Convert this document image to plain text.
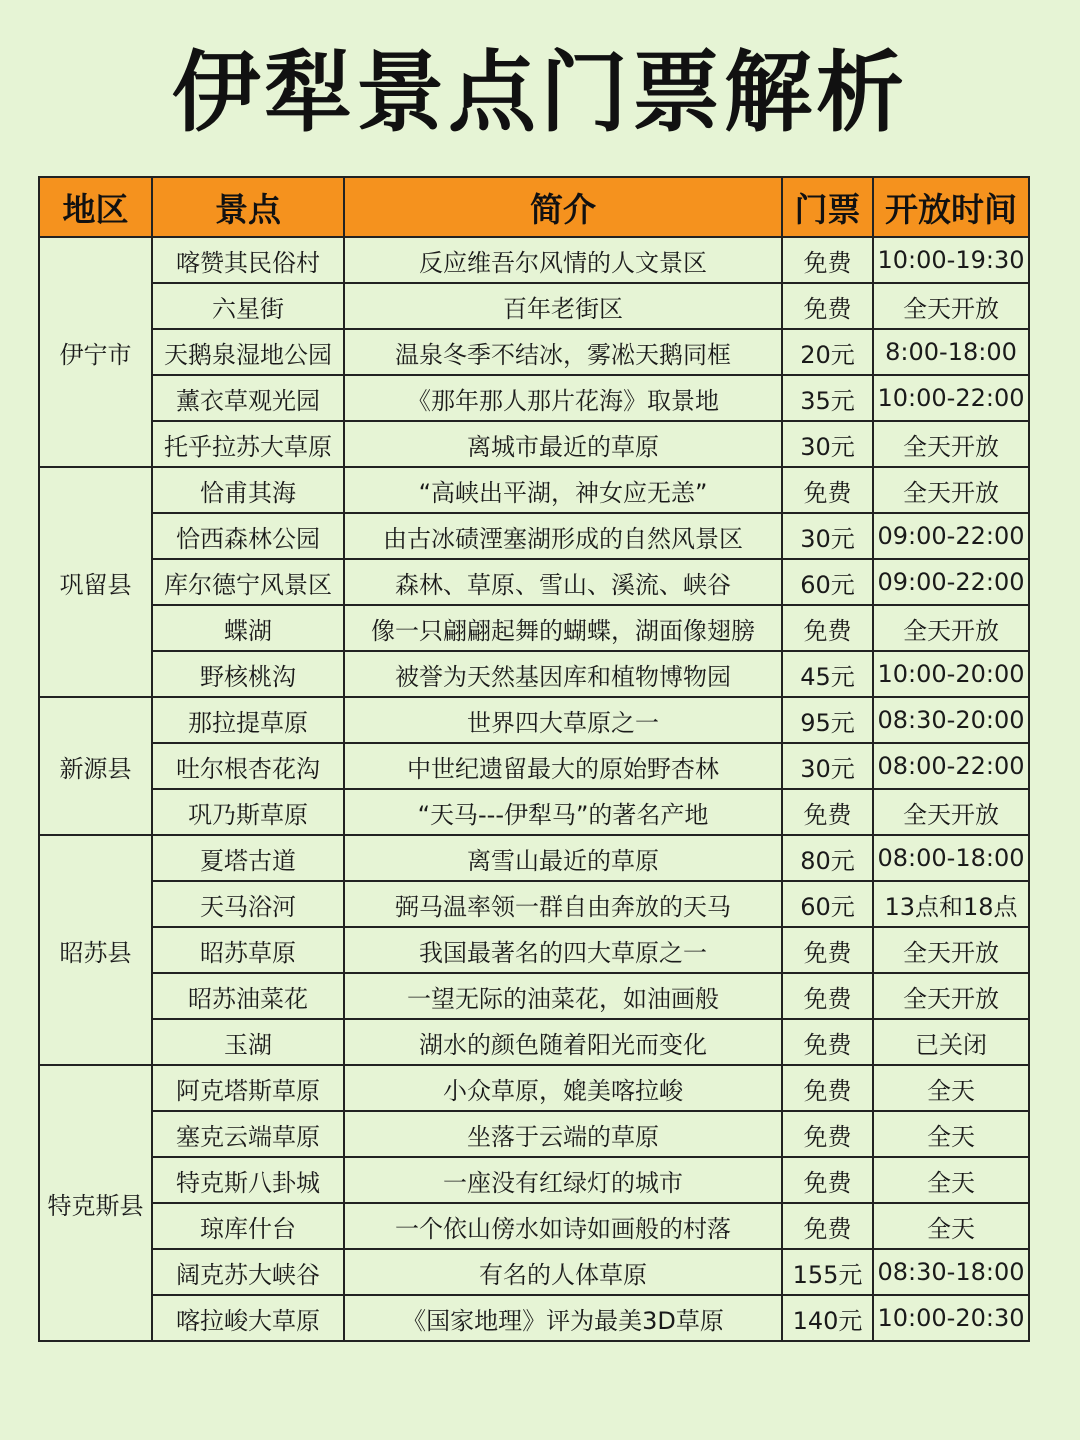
伊犁景点门票解析
地区	景点	简介	门票	开放时间
伊宁市	喀赞其民俗村	反应维吾尔风情的人文景区	免费	10:00-19:30
	六星街	百年老街区	免费	全天开放
	天鹅泉湿地公园	温泉冬季不结冰，雾凇天鹅同框	20元	8:00-18:00
	薰衣草观光园	《那年那人那片花海》取景地	35元	10:00-22:00
	托乎拉苏大草原	离城市最近的草原	30元	全天开放
巩留县	恰甫其海	“高峡出平湖，神女应无恙”	免费	全天开放
	恰西森林公园	由古冰碛湮塞湖形成的自然风景区	30元	09:00-22:00
	库尔德宁风景区	森林、草原、雪山、溪流、峡谷	60元	09:00-22:00
	蝶湖	像一只翩翩起舞的蝴蝶，湖面像翅膀	免费	全天开放
	野核桃沟	被誉为天然基因库和植物博物园	45元	10:00-20:00
新源县	那拉提草原	世界四大草原之一	95元	08:30-20:00
	吐尔根杏花沟	中世纪遗留最大的原始野杏林	30元	08:00-22:00
	巩乃斯草原	“天马---伊犁马”的著名产地	免费	全天开放
昭苏县	夏塔古道	离雪山最近的草原	80元	08:00-18:00
	天马浴河	弼马温率领一群自由奔放的天马	60元	13点和18点
	昭苏草原	我国最著名的四大草原之一	免费	全天开放
	昭苏油菜花	一望无际的油菜花，如油画般	免费	全天开放
	玉湖	湖水的颜色随着阳光而变化	免费	已关闭
特克斯县	阿克塔斯草原	小众草原，媲美喀拉峻	免费	全天
	塞克云端草原	坐落于云端的草原	免费	全天
	特克斯八卦城	一座没有红绿灯的城市	免费	全天
	琼库什台	一个依山傍水如诗如画般的村落	免费	全天
	阔克苏大峡谷	有名的人体草原	155元	08:30-18:00
	喀拉峻大草原	《国家地理》评为最美3D草原	140元	10:00-20:30
